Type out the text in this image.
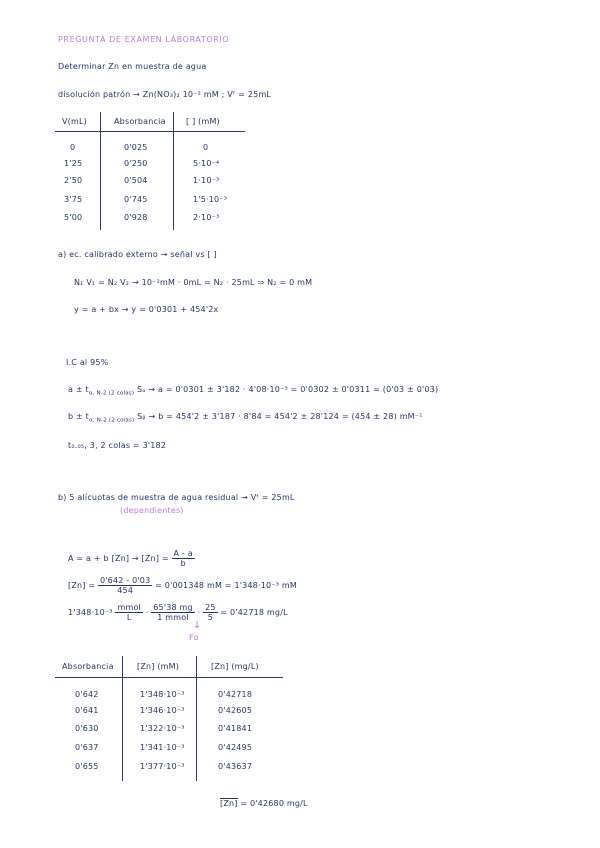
PREGUNTA DE EXAMEN LABORATORIO
Determinar Zn en muestra de agua
disolución patrón → Zn(NO₃)₂ 10⁻² mM ; Vᶠ = 25mL
V(mL)	Absorbancia	[ ] (mM)
0	0'025	0
1'25	0'250	5·10⁻⁴
2'50	0'504	1·10⁻³
3'75	0'745	1'5·10⁻³
5'00	0'928	2·10⁻³
a) ec. calibrado externo → señal vs [ ]
N₁ V₁ = N₂ V₂ → 10⁻²mM · 0mL = N₂ · 25mL ⇒ N₂ = 0 mM
y = a + bx → y = 0'0301 + 454'2x
I.C al 95%
$a \pm t_{\alpha, N-2 (2 colas)}$ Sₐ → a = 0'0301 ± 3'182 · 4'08·10⁻³ = 0'0302 ± 0'0311 = (0'03 ± 0'03)
$b \pm t_{\alpha, N-2 (2 colas)}$ Sᵦ → b = 454'2 ± 3'187 · 8'84 = 454'2 ± 28'124 = (454 ± 28) mM⁻¹
t₀.₀₅, 3, 2 colas = 3'182
b) 5 alícuotas de muestra de agua residual → Vᶠ = 25mL
(dependientes)
A = a + b $[Zn] \to [Zn] = \frac{A - a}{b}$
$[Zn] = \frac{0'642 - 0'03}{454} = 0'001348$ mM = 1'348·10⁻³ mM
$1'348\cdot 10^{-3} \frac{\text{mmol}}{L} \cdot \frac{65'38 mg}{\text{1 mmol}} \cdot \frac{25}{5} = 0'42718$ mg/L
↓
Fᴅ
Absorbancia	[Zn] (mM)	[Zn] (mg/L)
0'642	1'348·10⁻³	0'42718
0'641	1'346·10⁻³	0'42605
0'630	1'322·10⁻³	0'41841
0'637	1'341·10⁻³	0'42495
0'655	1'377·10⁻³	0'43637
[Zn] = 0'42680 mg/L
